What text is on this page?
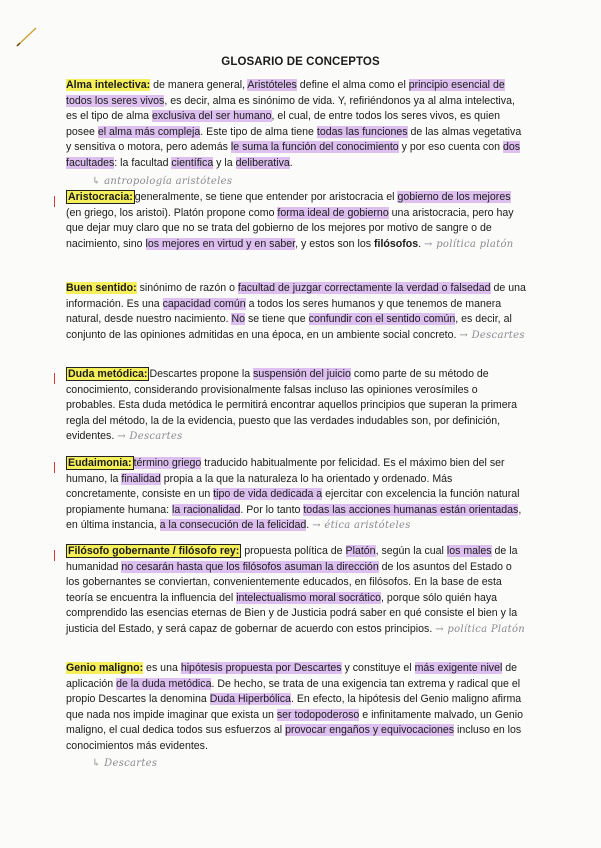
GLOSARIO DE CONCEPTOS
Alma intelectiva: de manera general, Aristóteles define el alma como el principio esencial de todos los seres vivos, es decir, alma es sinónimo de vida. Y, refiriéndonos ya al alma intelectiva, es el tipo de alma exclusiva del ser humano, el cual, de entre todos los seres vivos, es quien posee el alma más compleja. Este tipo de alma tiene todas las funciones de las almas vegetativa y sensitiva o motora, pero además le suma la función del conocimiento y por eso cuenta con dos facultades: la facultad científica y la deliberativa.
↳ antropología aristóteles
Aristocracia: generalmente, se tiene que entender por aristocracia el gobierno de los mejores (en griego, los aristoi). Platón propone como forma ideal de gobierno una aristocracia, pero hay que dejar muy claro que no se trata del gobierno de los mejores por motivo de sangre o de nacimiento, sino los mejores en virtud y en saber, y estos son los filósofos. → política platón
Buen sentido: sinónimo de razón o facultad de juzgar correctamente la verdad o falsedad de una información. Es una capacidad común a todos los seres humanos y que tenemos de manera natural, desde nuestro nacimiento. No se tiene que confundir con el sentido común, es decir, al conjunto de las opiniones admitidas en una época, en un ambiente social concreto. → Descartes
Duda metódica: Descartes propone la suspensión del juicio como parte de su método de conocimiento, considerando provisionalmente falsas incluso las opiniones verosímiles o probables. Esta duda metódica le permitirá encontrar aquellos principios que superan la primera regla del método, la de la evidencia, puesto que las verdades indudables son, por definición, evidentes. → Descartes
Eudaimonia: término griego traducido habitualmente por felicidad. Es el máximo bien del ser humano, la finalidad propia a la que la naturaleza lo ha orientado y ordenado. Más concretamente, consiste en un tipo de vida dedicada a ejercitar con excelencia la función natural propiamente humana: la racionalidad. Por lo tanto todas las acciones humanas están orientadas, en última instancia, a la consecución de la felicidad. → ética aristóteles
Filósofo gobernante / filósofo rey: propuesta política de Platón, según la cual los males de la humanidad no cesarán hasta que los filósofos asuman la dirección de los asuntos del Estado o los gobernantes se conviertan, convenientemente educados, en filósofos. En la base de esta teoría se encuentra la influencia del intelectualismo moral socrático, porque sólo quién haya comprendido las esencias eternas de Bien y de Justicia podrá saber en qué consiste el bien y la justicia del Estado, y será capaz de gobernar de acuerdo con estos principios. → política Platón
Genio maligno: es una hipótesis propuesta por Descartes y constituye el más exigente nivel de aplicación de la duda metódica. De hecho, se trata de una exigencia tan extrema y radical que el propio Descartes la denomina Duda Hiperbólica. En efecto, la hipótesis del Genio maligno afirma que nada nos impide imaginar que exista un ser todopoderoso e infinitamente malvado, un Genio maligno, el cual dedica todos sus esfuerzos al provocar engaños y equivocaciones incluso en los conocimientos más evidentes.
↳ Descartes
